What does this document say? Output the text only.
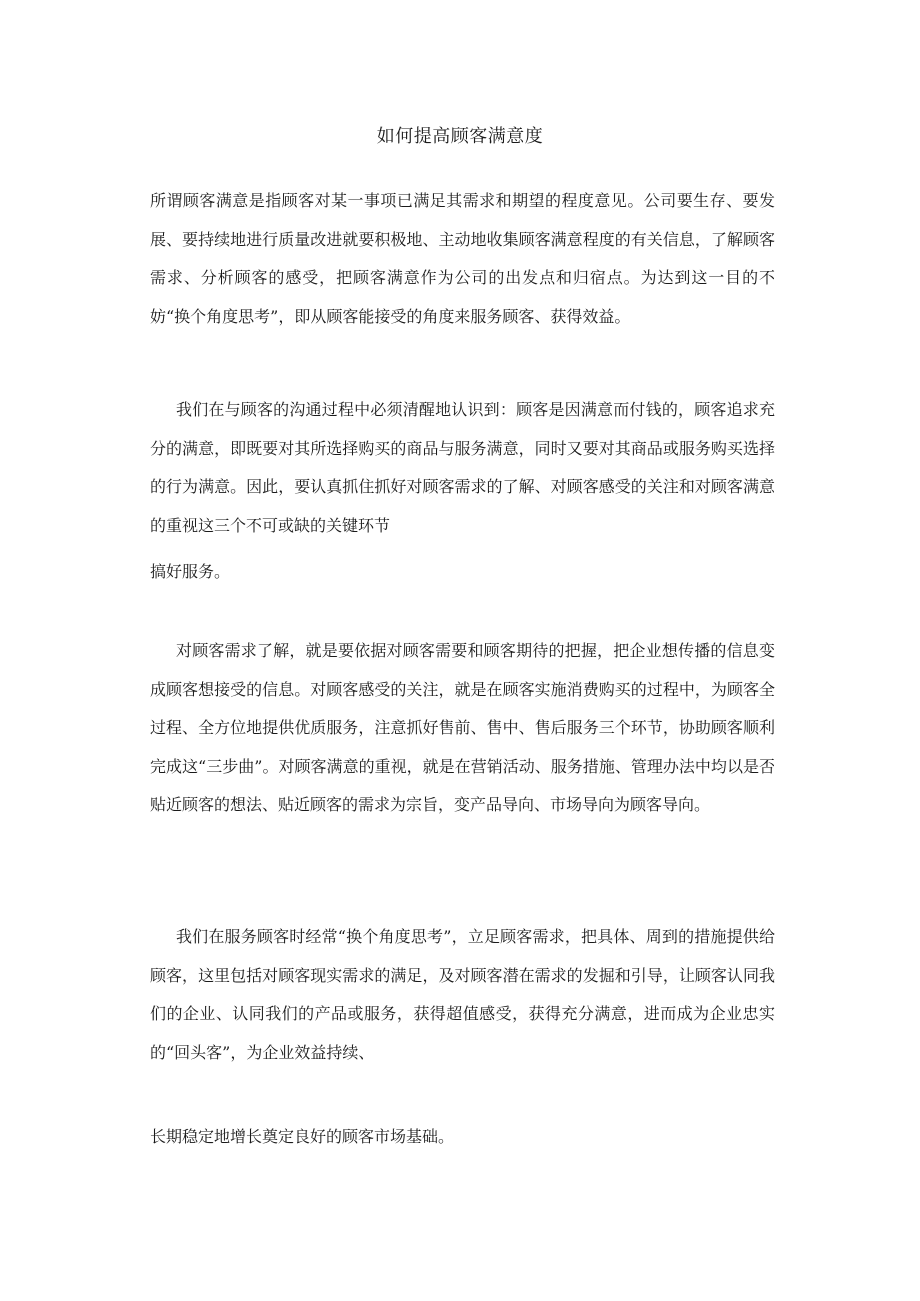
如何提高顾客满意度
所谓顾客满意是指顾客对某一事项已满足其需求和期望的程度意见。公司要生存、要发展、要持续地进行质量改进就要积极地、主动地收集顾客满意程度的有关信息，了解顾客需求、分析顾客的感受，把顾客满意作为公司的出发点和归宿点。为达到这一目的不妨“换个角度思考”，即从顾客能接受的角度来服务顾客、获得效益。
我们在与顾客的沟通过程中必须清醒地认识到：顾客是因满意而付钱的，顾客追求充分的满意，即既要对其所选择购买的商品与服务满意，同时又要对其商品或服务购买选择的行为满意。因此，要认真抓住抓好对顾客需求的了解、对顾客感受的关注和对顾客满意的重视这三个不可或缺的关键环节
搞好服务。
对顾客需求了解，就是要依据对顾客需要和顾客期待的把握，把企业想传播的信息变成顾客想接受的信息。对顾客感受的关注，就是在顾客实施消费购买的过程中，为顾客全过程、全方位地提供优质服务，注意抓好售前、售中、售后服务三个环节，协助顾客顺利完成这“三步曲”。对顾客满意的重视，就是在营销活动、服务措施、管理办法中均以是否贴近顾客的想法、贴近顾客的需求为宗旨，变产品导向、市场导向为顾客导向。
我们在服务顾客时经常“换个角度思考”，立足顾客需求，把具体、周到的措施提供给顾客，这里包括对顾客现实需求的满足，及对顾客潜在需求的发掘和引导，让顾客认同我们的企业、认同我们的产品或服务，获得超值感受，获得充分满意，进而成为企业忠实的“回头客”，为企业效益持续、
长期稳定地增长奠定良好的顾客市场基础。
